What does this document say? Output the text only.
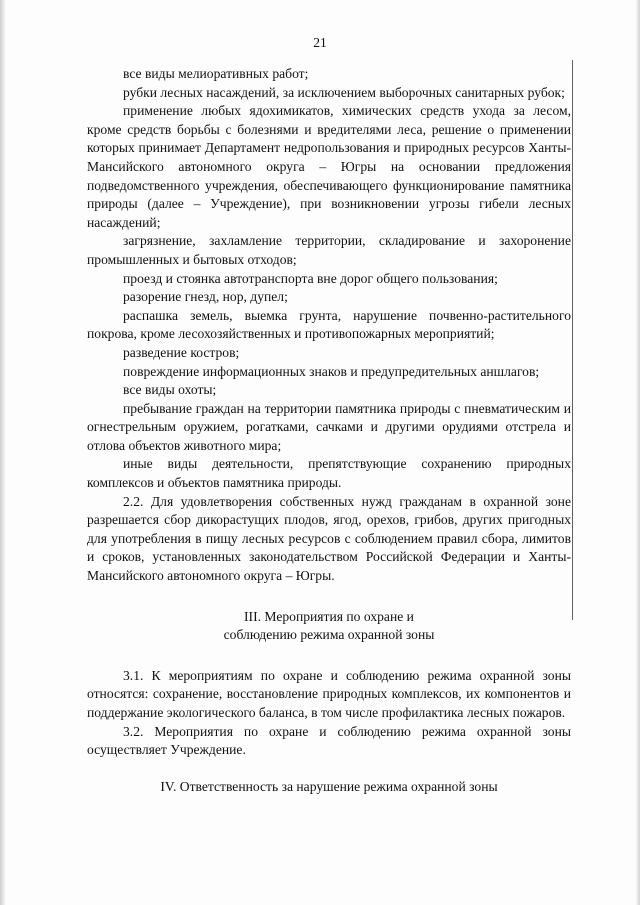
21

все виды мелиоративных работ;

рубки лесных насаждений, за исключением выборочных санитарных рубок;

применение любых ядохимикатов, химических средств ухода за лесом, кроме средств борьбы с болезнями и вредителями леса, решение о применении которых принимает Департамент недропользования и природных ресурсов Ханты-Мансийского автономного округа – Югры на основании предложения подведомственного учреждения, обеспечивающего функционирование памятника природы (далее – Учреждение), при возникновении угрозы гибели лесных насаждений;

загрязнение, захламление территории, складирование и захоронение промышленных и бытовых отходов;

проезд и стоянка автотранспорта вне дорог общего пользования;

разорение гнезд, нор, дупел;

распашка земель, выемка грунта, нарушение почвенно-растительного покрова, кроме лесохозяйственных и противопожарных мероприятий;

разведение костров;

повреждение информационных знаков и предупредительных аншлагов;

все виды охоты;

пребывание граждан на территории памятника природы с пневматическим и огнестрельным оружием, рогатками, сачками и другими орудиями отстрела и отлова объектов животного мира;

иные виды деятельности, препятствующие сохранению природных комплексов и объектов памятника природы.

2.2. Для удовлетворения собственных нужд гражданам в охранной зоне разрешается сбор дикорастущих плодов, ягод, орехов, грибов, других пригодных для употребления в пищу лесных ресурсов с соблюдением правил сбора, лимитов и сроков, установленных законодательством Российской Федерации и Ханты-Мансийского автономного округа – Югры.

III. Мероприятия по охране и

соблюдению режима охранной зоны

3.1. К мероприятиям по охране и соблюдению режима охранной зоны относятся: сохранение, восстановление природных комплексов, их компонентов и поддержание экологического баланса, в том числе профилактика лесных пожаров.

3.2. Мероприятия по охране и соблюдению режима охранной зоны осуществляет Учреждение.

IV. Ответственность за нарушение режима охранной зоны
